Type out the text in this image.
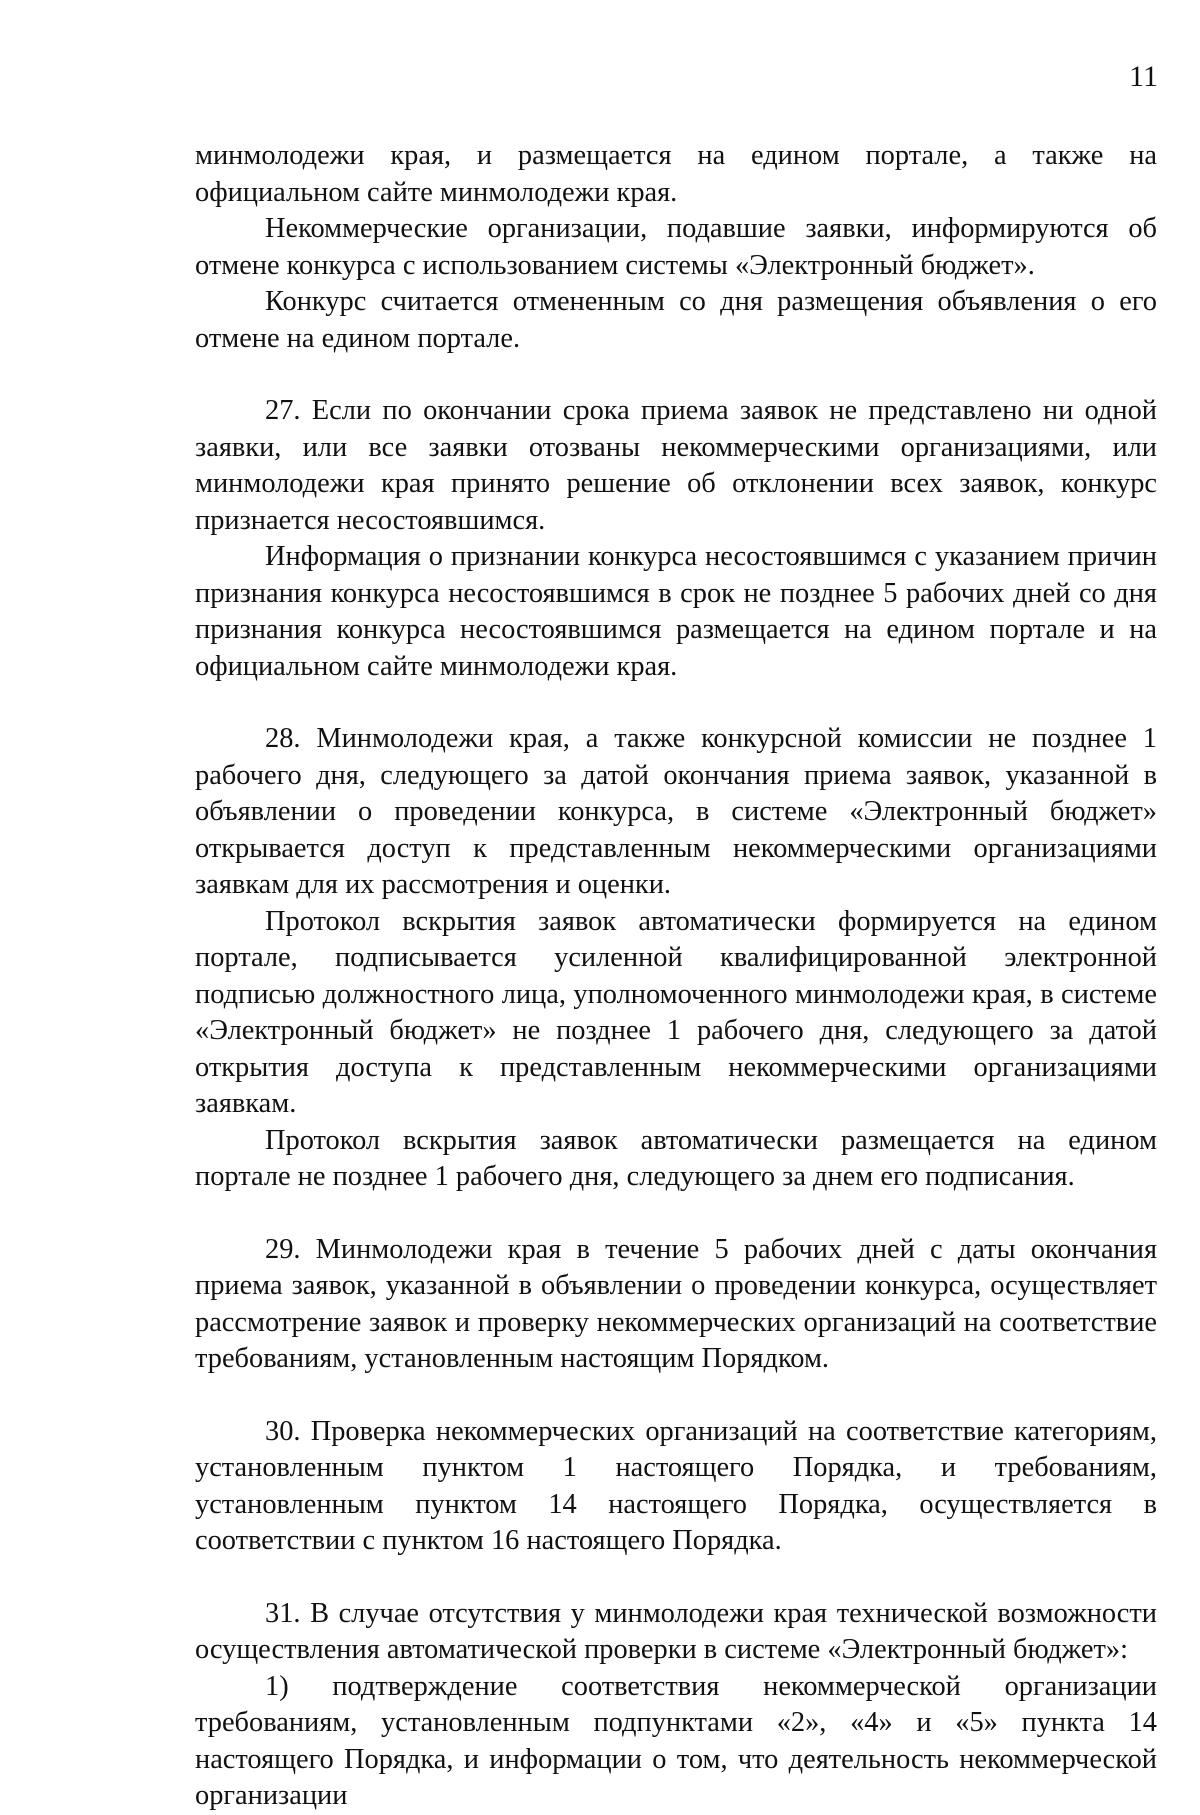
11

минмолодежи края, и размещается на едином портале, а также на официальном сайте минмолодежи края.

Некоммерческие организации, подавшие заявки, информируются об отмене конкурса с использованием системы «Электронный бюджет».

Конкурс считается отмененным со дня размещения объявления о его отмене на едином портале.

27. Если по окончании срока приема заявок не представлено ни одной заявки, или все заявки отозваны некоммерческими организациями, или минмолодежи края принято решение об отклонении всех заявок, конкурс признается несостоявшимся.

Информация о признании конкурса несостоявшимся с указанием причин признания конкурса несостоявшимся в срок не позднее 5 рабочих дней со дня признания конкурса несостоявшимся размещается на едином портале и на официальном сайте минмолодежи края.

28. Минмолодежи края, а также конкурсной комиссии не позднее 1 рабочего дня, следующего за датой окончания приема заявок, указанной в объявлении о проведении конкурса, в системе «Электронный бюджет» открывается доступ к представленным некоммерческими организациями заявкам для их рассмотрения и оценки.

Протокол вскрытия заявок автоматически формируется на едином портале, подписывается усиленной квалифицированной электронной подписью должностного лица, уполномоченного минмолодежи края, в системе «Электронный бюджет» не позднее 1 рабочего дня, следующего за датой открытия доступа к представленным некоммерческими организациями заявкам.

Протокол вскрытия заявок автоматически размещается на едином портале не позднее 1 рабочего дня, следующего за днем его подписания.

29. Минмолодежи края в течение 5 рабочих дней с даты окончания приема заявок, указанной в объявлении о проведении конкурса, осуществляет рассмотрение заявок и проверку некоммерческих организаций на соответствие требованиям, установленным настоящим Порядком.

30. Проверка некоммерческих организаций на соответствие категориям, установленным пунктом 1 настоящего Порядка, и требованиям, установленным пунктом 14 настоящего Порядка, осуществляется в соответствии с пунктом 16 настоящего Порядка.

31. В случае отсутствия у минмолодежи края технической возможности осуществления автоматической проверки в системе «Электронный бюджет»:

1) подтверждение соответствия некоммерческой организации требованиям, установленным подпунктами «2», «4» и «5» пункта 14 настоящего Порядка, и информации о том, что деятельность некоммерческой организации
